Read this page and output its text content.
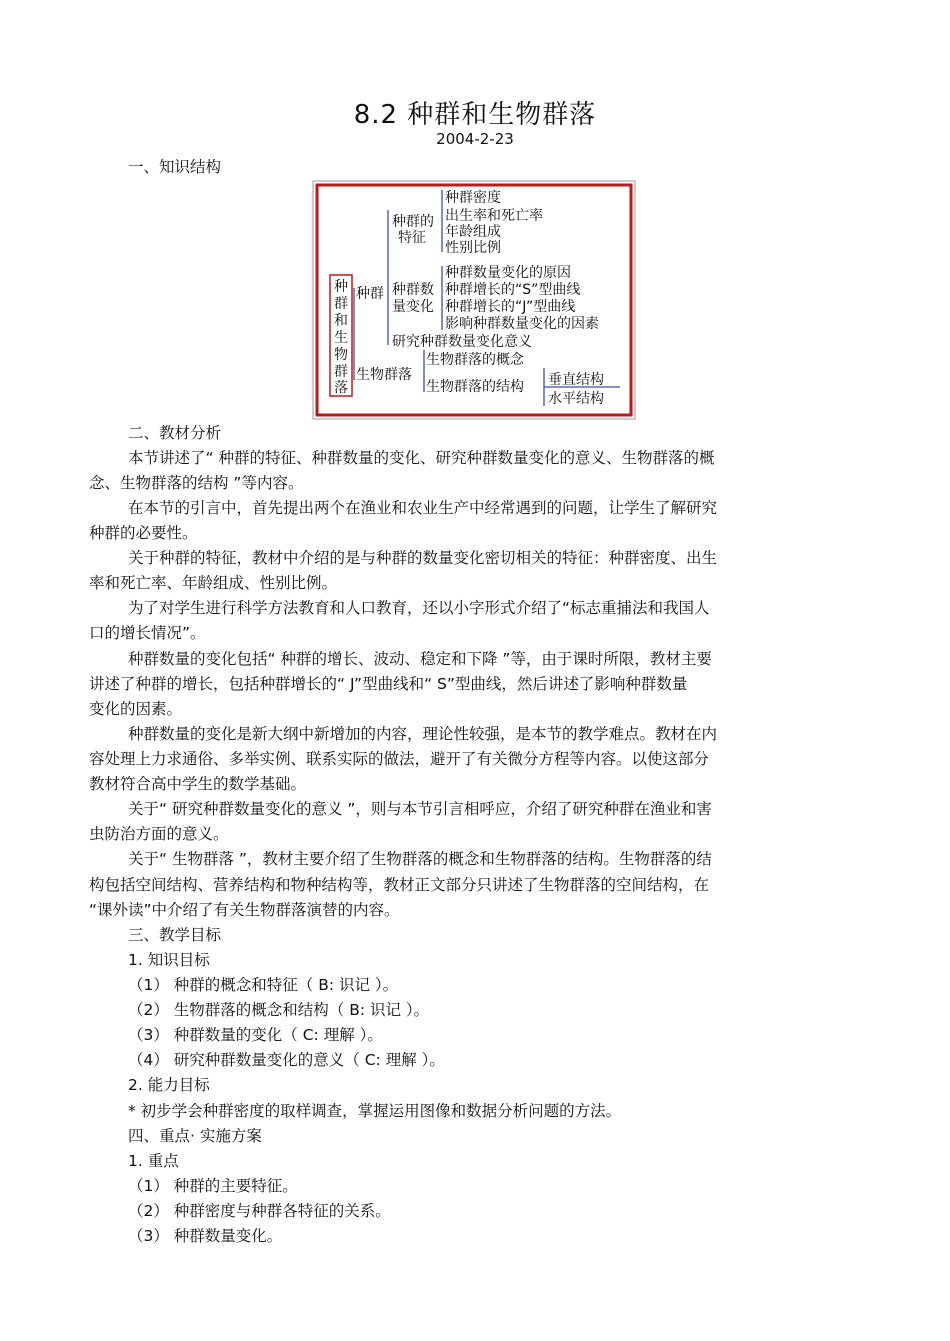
8.2 种群和生物群落
2004-2-23
一、知识结构
种
群
和
生
物
群
落
种群
生物群落
种群的
特征
种群数
量变化
种群密度
出生率和死亡率
年龄组成
性别比例
种群数量变化的原因
种群增长的“S”型曲线
种群增长的“J”型曲线
影响种群数量变化的因素
研究种群数量变化意义
生物群落的概念
生物群落的结构 垂直结构
水平结构
二、教材分析
本节讲述了“ 种群的特征、种群数量的变化、研究种群数量变化的意义、生物群落的概
念、生物群落的结构 ”等内容。
在本节的引言中，首先提出两个在渔业和农业生产中经常遇到的问题，让学生了解研究
种群的必要性。
关于种群的特征，教材中介绍的是与种群的数量变化密切相关的特征：种群密度、出生
率和死亡率、年龄组成、性别比例。
为了对学生进行科学方法教育和人口教育，还以小字形式介绍了“标志重捕法和我国人
口的增长情况”。
种群数量的变化包括“ 种群的增长、波动、稳定和下降 ”等，由于课时所限，教材主要
讲述了种群的增长，包括种群增长的“ J”型曲线和“ S”型曲线，然后讲述了影响种群数量
变化的因素。
种群数量的变化是新大纲中新增加的内容，理论性较强，是本节的教学难点。教材在内
容处理上力求通俗、多举实例、联系实际的做法，避开了有关微分方程等内容。以使这部分
教材符合高中学生的数学基础。
关于“ 研究种群数量变化的意义 ”，则与本节引言相呼应，介绍了研究种群在渔业和害
虫防治方面的意义。
关于“ 生物群落 ”，教材主要介绍了生物群落的概念和生物群落的结构。生物群落的结
构包括空间结构、营养结构和物种结构等，教材正文部分只讲述了生物群落的空间结构，在
“课外读”中介绍了有关生物群落演替的内容。
三、教学目标
1. 知识目标
（1） 种群的概念和特征（ B: 识记 ）。
（2） 生物群落的概念和结构（ B: 识记 ）。
（3） 种群数量的变化（ C: 理解 ）。
（4） 研究种群数量变化的意义（ C: 理解 ）。
2. 能力目标
* 初步学会种群密度的取样调查，掌握运用图像和数据分析问题的方法。
四、重点· 实施方案
1. 重点
（1） 种群的主要特征。
（2） 种群密度与种群各特征的关系。
（3） 种群数量变化。
